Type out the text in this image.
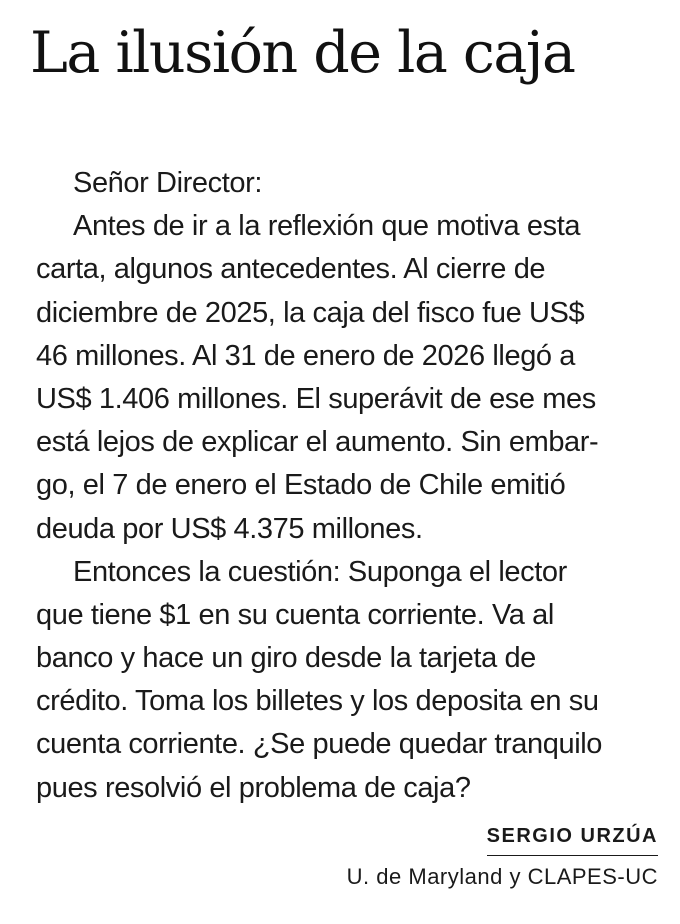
La ilusión de la caja
Señor Director:
Antes de ir a la reflexión que motiva esta
carta, algunos antecedentes. Al cierre de
diciembre de 2025, la caja del fisco fue US$
46 millones. Al 31 de enero de 2026 llegó a
US$ 1.406 millones. El superávit de ese mes
está lejos de explicar el aumento. Sin embar-
go, el 7 de enero el Estado de Chile emitió
deuda por US$ 4.375 millones.
Entonces la cuestión: Suponga el lector
que tiene $1 en su cuenta corriente. Va al
banco y hace un giro desde la tarjeta de
crédito. Toma los billetes y los deposita en su
cuenta corriente. ¿Se puede quedar tranquilo
pues resolvió el problema de caja?
SERGIO URZÚA
U. de Maryland y CLAPES-UC
